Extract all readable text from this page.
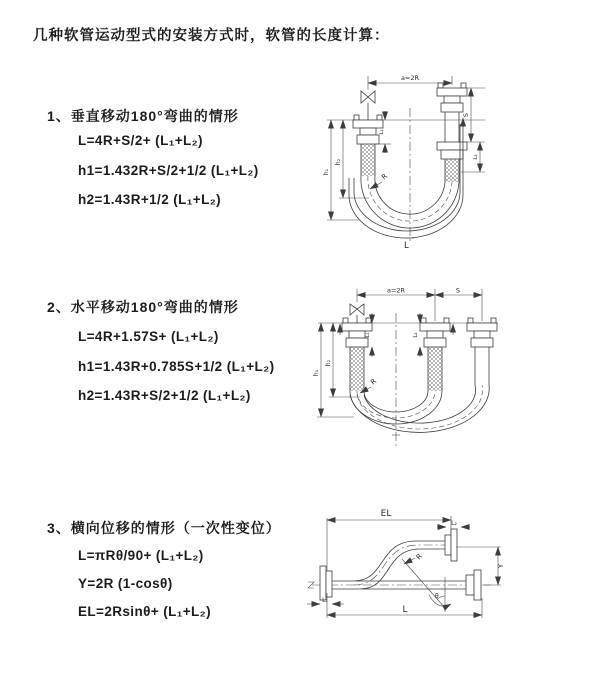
几种软管运动型式的安装方式时，软管的长度计算：
1、垂直移动180°弯曲的情形
L=4R+S/2+ (L₁+L₂)
h1=1.432R+S/2+1/2 (L₁+L₂)
h2=1.43R+1/2 (L₁+L₂)
2、水平移动180°弯曲的情形
L=4R+1.57S+ (L₁+L₂)
h1=1.43R+0.785S+1/2 (L₁+L₂)
h2=1.43R+S/2+1/2 (L₁+L₂)
3、横向位移的情形（一次性变位）
L=πRθ/90+ (L₁+L₂)
Y=2R (1-cosθ)
EL=2Rsinθ+ (L₁+L₂)
a=2R
h₁
h₂
L₁
S
L₂
R
L
a=2R	S
L₁	L₂
h₁
h₂
R
EL
L₂
Y
θ
R
L
L₁
